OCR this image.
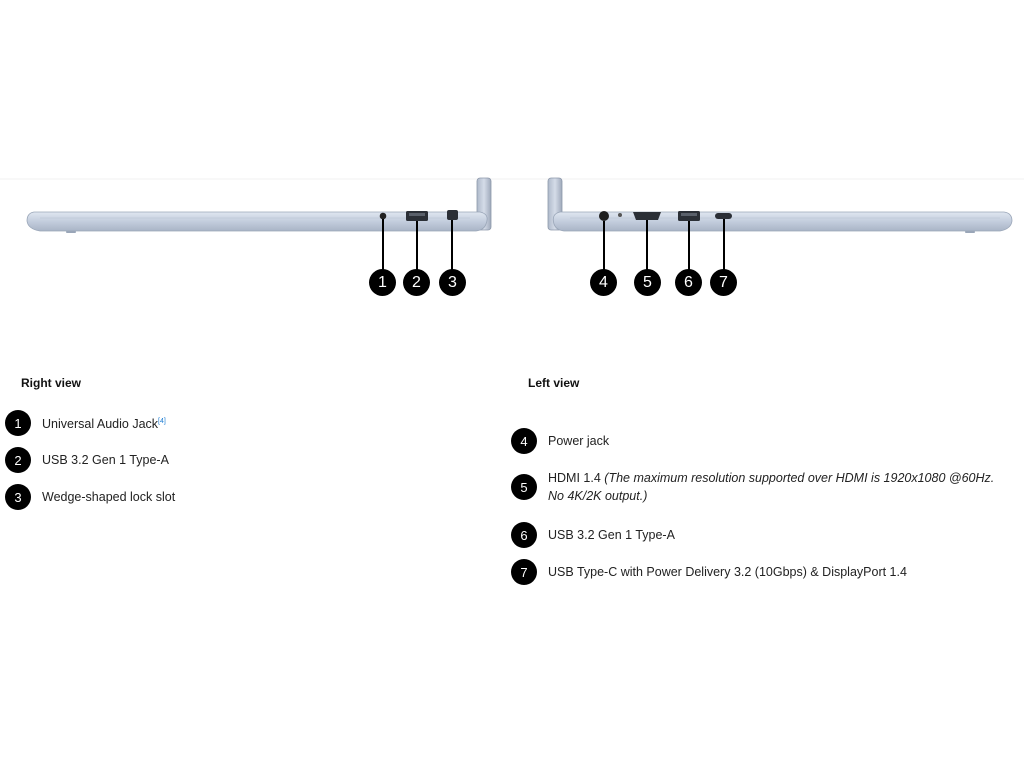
1	2	3	4	5	6	7
Right view
1	Universal Audio Jack[4]
2	USB 3.2 Gen 1 Type-A
3	Wedge-shaped lock slot
Left view
4	Power jack
5
HDMI 1.4 (The maximum resolution supported over HDMI is 1920x1080 @60Hz. No 4K/2K output.)
6	USB 3.2 Gen 1 Type-A
7	USB Type-C with Power Delivery 3.2 (10Gbps) & DisplayPort 1.4
